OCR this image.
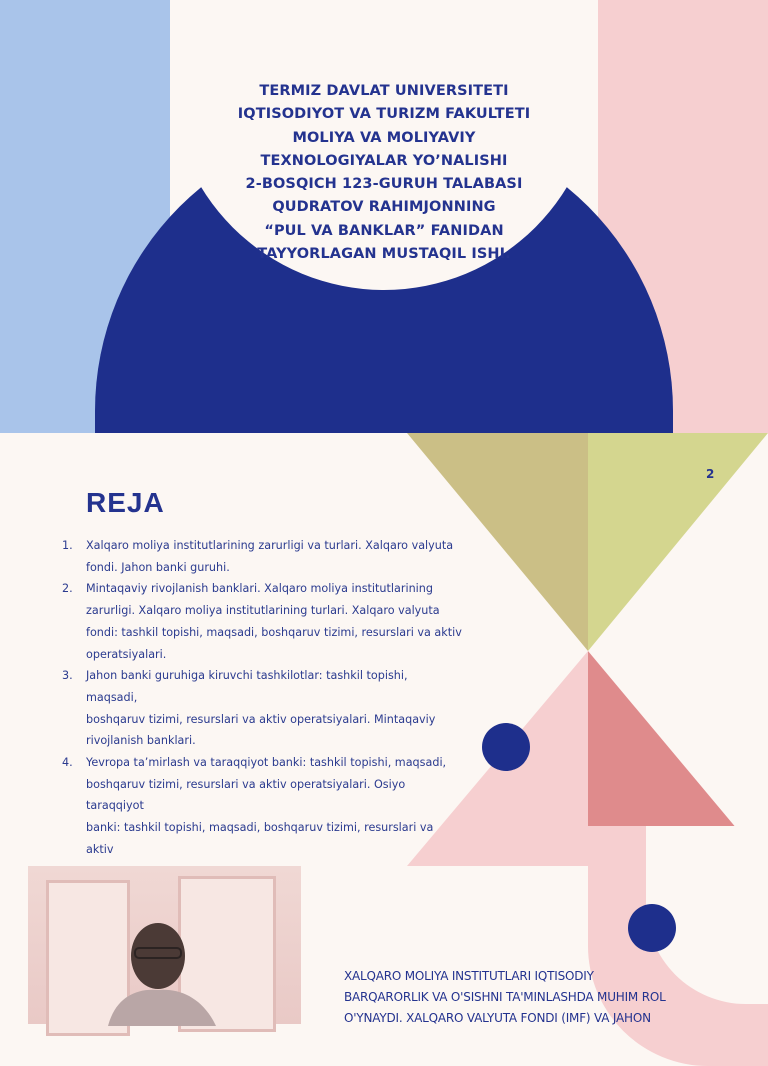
TERMIZ DAVLAT UNIVERSITETI
IQTISODIYOT VA TURIZM FAKULTETI
MOLIYA VA MOLIYAVIY
TEXNOLOGIYALAR YO’NALISHI
2-BOSQICH 123-GURUH TALABASI
QUDRATOV RAHIMJONNING
“PUL VA BANKLAR” FANIDAN
TAYYORLAGAN MUSTAQIL ISHI.
2
REJA
1. Xalqaro moliya institutlarining zarurligi va turlari. Xalqaro valyuta
fondi. Jahon banki guruhi.
2. Mintaqaviy rivojlanish banklari. Xalqaro moliya institutlarining
zarurligi. Xalqaro moliya institutlarining turlari. Xalqaro valyuta
fondi: tashkil topishi, maqsadi, boshqaruv tizimi, resurslari va aktiv
operatsiyalari.
3. Jahon banki guruhiga kiruvchi tashkilotlar: tashkil topishi, maqsadi,
boshqaruv tizimi, resurslari va aktiv operatsiyalari. Mintaqaviy
rivojlanish banklari.
4. Yevropa ta’mirlash va taraqqiyot banki: tashkil topishi, maqsadi,
boshqaruv tizimi, resurslari va aktiv operatsiyalari. Osiyo taraqqiyot
banki: tashkil topishi, maqsadi, boshqaruv tizimi, resurslari va aktiv
XALQARO MOLIYA INSTITUTLARI IQTISODIY
BARQARORLIK VA O'SISHNI TA'MINLASHDA MUHIM ROL
O'YNAYDI. XALQARO VALYUTA FONDI (IMF) VA JAHON
